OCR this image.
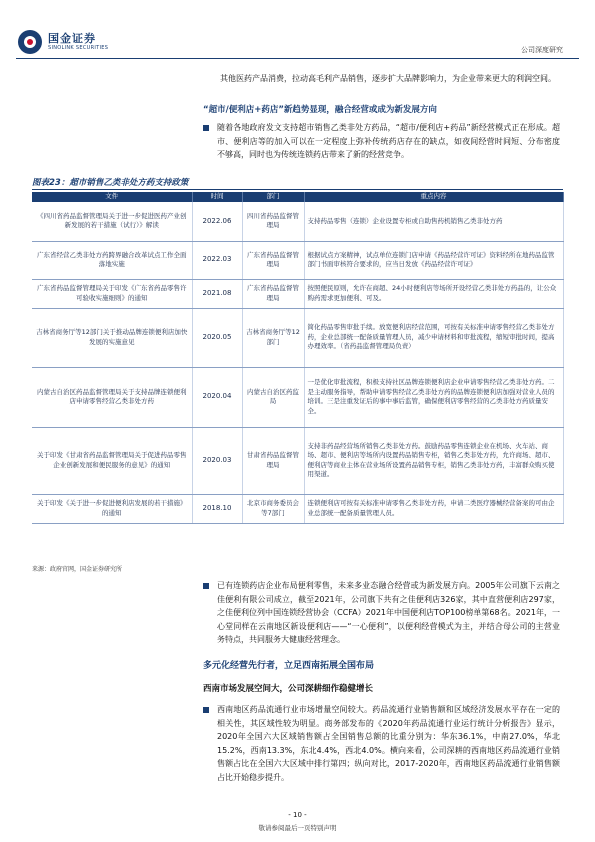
国金证券
SINOLINK SECURITIES	公司深度研究
其他医药产品消费，拉动高毛利产品销售，逐步扩大品牌影响力，为企业带来更大的利润空间。
“超市/便利店+药店”新趋势显现，融合经营或成为新发展方向
随着各地政府发文支持超市销售乙类非处方药品，“超市/便利店+药品”新经营模式正在形成。超市、便利店等的加入可以在一定程度上弥补传统药店存在的缺点，如夜间经营时间短、分布密度不够高，同时也为传统连锁药店带来了新的经营竞争。
图表23：超市销售乙类非处方药支持政策
文件	时间	部门	重点内容
《四川省药品监督管理局关于进一步促进医药产业创新发展的若干措施（试行）》解读	2022.06	四川省药品监督管理局	支持药品零售（连锁）企业设置专柜或自助售药机销售乙类非处方药
广东省经营乙类非处方药跨界融合改革试点工作全面落地实施	2022.03	广东省药品监督管理局	根据试点方案精神，试点单位连锁门店申请《药品经营许可证》资料经所在地药品监管部门书面审核符合要求的，应当日发放《药品经营许可证》
广东省药品监督管理局关于印发《广东省药品零售许可验收实施细则》的通知	2021.08	广东省药品监督管理局	按照便民原则，允许在商超、24小时便利店等场所开设经营乙类非处方药品的，让公众购药需求更加便利、可及。
吉林省商务厅等12部门关于推动品牌连锁便利店加快发展的实施意见	2020.05	吉林省商务厅等12部门	简化药品零售审批手续。放宽便利店经营范围，可按有关标准申请零售经营乙类非处方药，企业总部统一配备质量管理人员，减少申请材料和审批流程，缩短审批时间，提高办理效率。（省药品监督管理局负责）
内蒙古自治区药品监督管理局关于支持品牌连锁便利店申请零售经营乙类非处方药	2020.04	内蒙古自治区药监局	一是优化审批流程，积极支持社区品牌连锁便利店企业申请零售经营乙类非处方药。二是主动服务指导，帮助申请零售经营乙类非处方药的品牌连锁便利店加强对营业人员的培训。三是注重发证后的事中事后监管，确保便利店零售经营的乙类非处方药质量安全。
关于印发《甘肃省药品监督管理局关于促进药品零售企业创新发展和便民服务的意见》的通知	2020.03	甘肃省药品监督管理局	支持非药品经营场所销售乙类非处方药。鼓励药品零售连锁企业在机场、火车站、商场、超市、便利店等场所内设置药品销售专柜，销售乙类非处方药，允许商场、超市、便利店等商业主体在营业场所设置药品销售专柜，销售乙类非处方药，丰富群众购买使用渠道。
关于印发《关于进一步促进便利店发展的若干措施》的通知	2018.10	北京市商务委员会等7部门	连锁便利店可按有关标准申请零售乙类非处方药，申请二类医疗器械经营备案的可由企业总部统一配备质量管理人员。
来源：政府官网，国金证券研究所
已有连锁药店企业布局便利零售，未来多业态融合经营或为新发展方向。2005年公司旗下云南之佳便利有限公司成立，截至2021年，公司旗下共有之佳便利店326家，其中直营便利店297家，之佳便利位列中国连锁经营协会（CCFA）2021年中国便利店TOP100榜单第68名。2021年，一心堂同样在云南地区新设便利店——“一心便利”，以便利经营模式为主，并结合母公司的主营业务特点，共同服务大健康经营理念。
多元化经营先行者，立足西南拓展全国布局
西南市场发展空间大，公司深耕细作稳健增长
西南地区药品流通行业市场增量空间较大。药品流通行业销售额和区域经济发展水平存在一定的相关性，其区域性较为明显。商务部发布的《2020年药品流通行业运行统计分析报告》显示，2020年全国六大区域销售额占全国销售总额的比重分别为：华东36.1%，中南27.0%，华北15.2%，西南13.3%，东北4.4%，西北4.0%。横向来看，公司深耕的西南地区药品流通行业销售额占比在全国六大区域中排行第四；纵向对比，2017-2020年，西南地区药品流通行业销售额占比开始稳步提升。
- 10 -
敬请参阅最后一页特别声明
